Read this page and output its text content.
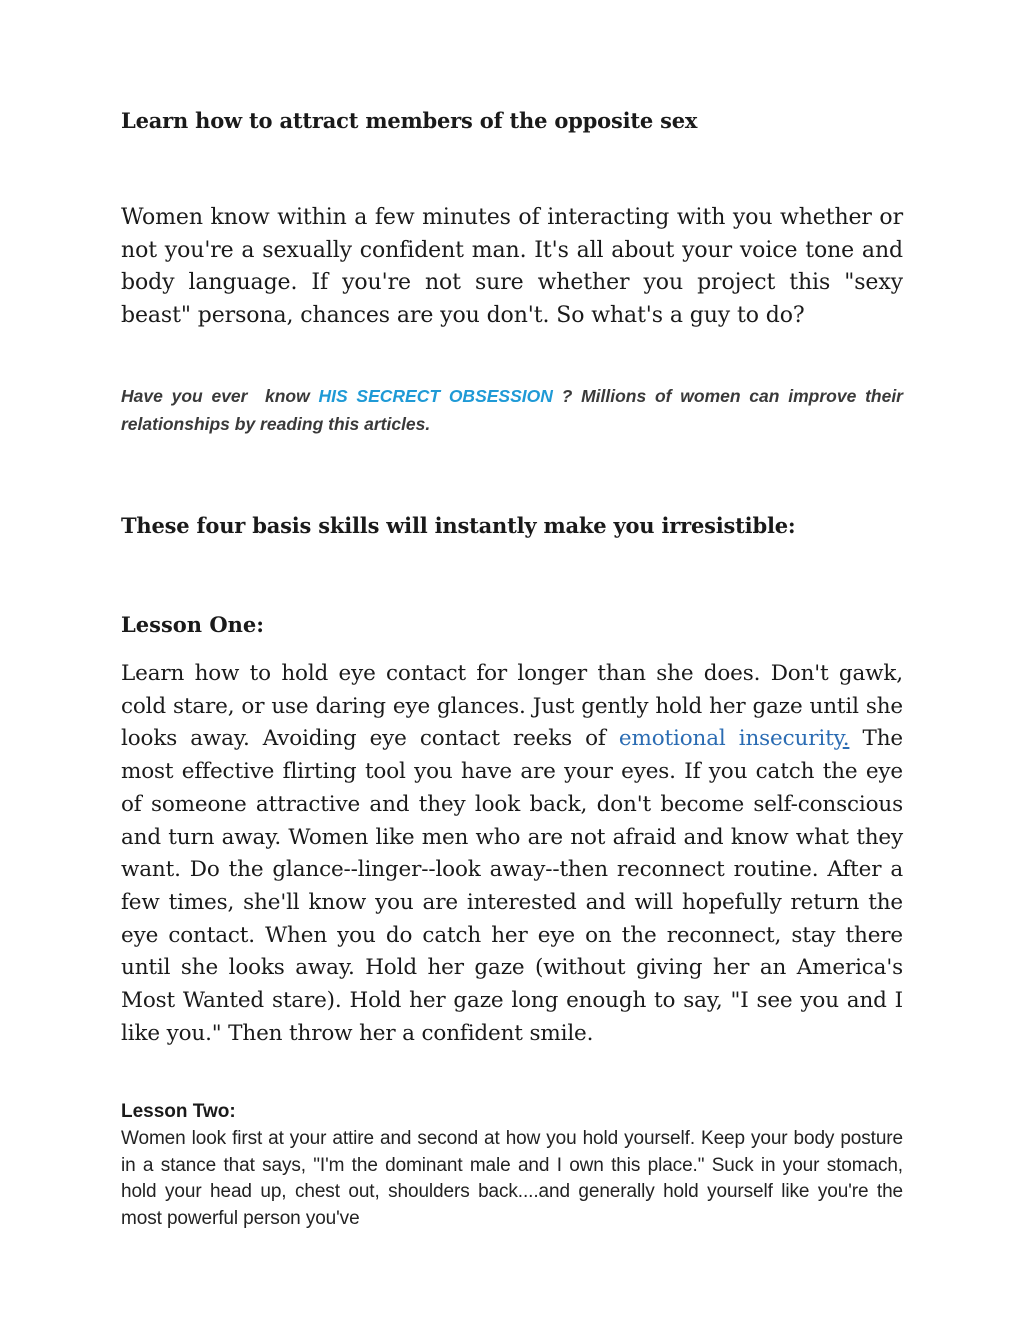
Learn how to attract members of the opposite sex

Women know within a few minutes of interacting with you whether or not you're a sexually confident man. It's all about your voice tone and body language. If you're not sure whether you project this "sexy beast" persona, chances are you don't. So what's a guy to do?

Have you ever  know HIS SECRECT OBSESSION ? Millions of women can improve their relationships by reading this articles.

These four basis skills will instantly make you irresistible:
Lesson One:

Learn how to hold eye contact for longer than she does. Don't gawk, cold stare, or use daring eye glances. Just gently hold her gaze until she looks away. Avoiding eye contact reeks of emotional insecurity. The most effective flirting tool you have are your eyes. If you catch the eye of someone attractive and they look back, don't become self-conscious and turn away. Women like men who are not afraid and know what they want. Do the glance--linger--look away--then reconnect routine. After a few times, she'll know you are interested and will hopefully return the eye contact. When you do catch her eye on the reconnect, stay there until she looks away. Hold her gaze (without giving her an America's Most Wanted stare). Hold her gaze long enough to say, "I see you and I like you." Then throw her a confident smile.

Lesson Two:

Women look first at your attire and second at how you hold yourself. Keep your body posture in a stance that says, "I'm the dominant male and I own this place." Suck in your stomach, hold your head up, chest out, shoulders back....and generally hold yourself like you're the most powerful person you've
